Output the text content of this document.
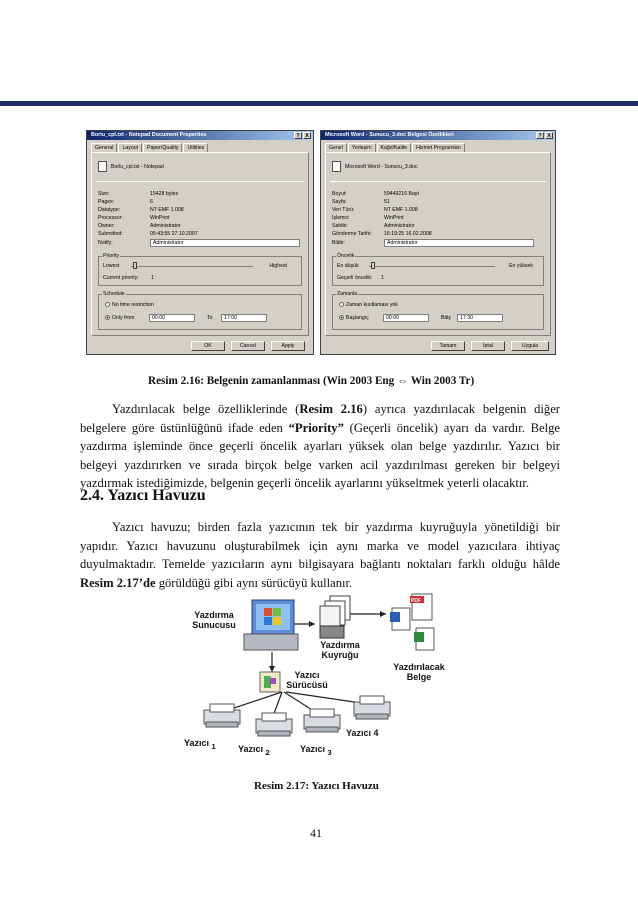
Borlu_cpl.txt - Notepad Document Properties	?	X
General	Layout	Paper/Quality	Utilities
Borlu_cpl.txt - Notepad
Size:	15428 bytes
Pages:	6
Datatype:	NT EMF 1.008
Processor:	WinPrint
Owner:	Administrator
Submitted:	05:43:55 27.10.2007
Notify:	Administrator
Priority
Lowest	Highest
Current priority: 1
Schedule
No time restriction
Only from	00:00	To	17:00
OK	Cancel	Apply
Microsoft Word - Sunucu_3.doc Belgesi Özellikleri	?	X
Genel	Yerleşim	Kağıt/Kalite	Hizmet Programları
Microsoft Word - Sunucu_3.doc
Boyut:	59449216 Bayt
Sayfa:	51
Veri Türü:	NT EMF 1.008
İşlemci:	WinPrint
Sahibi:	Administrator
Gönderme Tarihi:	16:19:25 16.02.2008
Bildir:	Administrator
Öncelik
En düşük	En yüksek
Geçerli öncelik: 1
Zamanla
Zaman kısıtlaması yok
Başlangıç	00:00	Bitiş	17:30
Tamam	İptal	Uygula
Resim 2.16: Belgenin zamanlanması (Win 2003 Eng ⇔ Win 2003 Tr)

Yazdırılacak belge özelliklerinde (Resim 2.16) ayrıca yazdırılacak belgenin diğer belgelere göre üstünlüğünü ifade eden “Priority” (Geçerli öncelik) ayarı da vardır. Belge yazdırma işleminde önce geçerli öncelik ayarları yüksek olan belge yazdırılır. Yazıcı bir belgeyi yazdırırken ve sırada birçok belge varken acil yazdırılması gereken bir belgeyi yazdırmak istediğimizde, belgenin geçerli öncelik ayarlarını yükseltmek yeterli olacaktır.

2.4. Yazıcı Havuzu

Yazıcı havuzu; birden fazla yazıcının tek bir yazdırma kuyruğuyla yönetildiği bir yapıdır. Yazıcı havuzunu oluşturabilmek için aynı marka ve model yazıcılara ihtiyaç duyulmaktadır. Temelde yazıcıların aynı bilgisayara bağlantı noktaları farklı olduğu hâlde Resim 2.17’de görüldüğü gibi aynı sürücüyü kullanır.

PDF
Yazdırma Sunucusu
Yazdırma Kuyruğu
Yazdırılacak Belge
Yazıcı Sürücüsü
Yazıcı $_1$ Yazıcı $_2$	Yazıcı $_3$
Yazıcı 4
Resim 2.17: Yazıcı Havuzu
41
